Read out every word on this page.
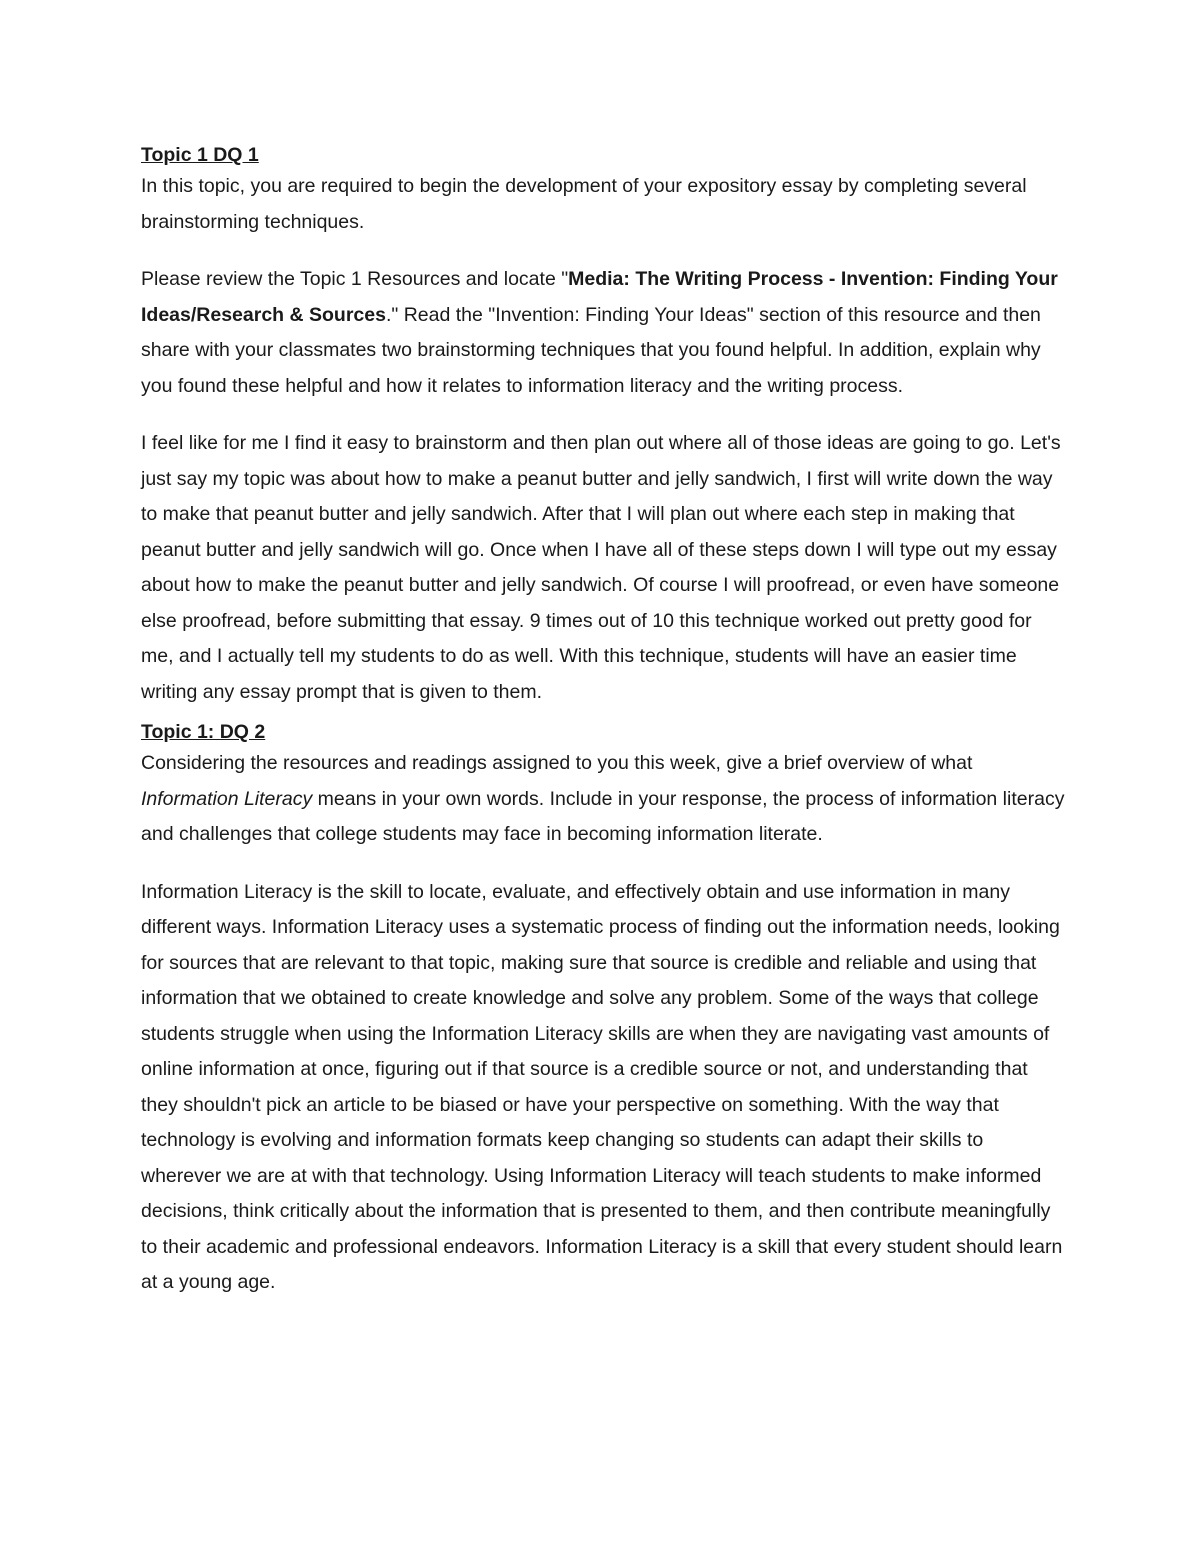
Topic 1 DQ 1

In this topic, you are required to begin the development of your expository essay by completing several brainstorming techniques.

Please review the Topic 1 Resources and locate "Media: The Writing Process - Invention: Finding Your Ideas/Research & Sources." Read the "Invention: Finding Your Ideas" section of this resource and then share with your classmates two brainstorming techniques that you found helpful. In addition, explain why you found these helpful and how it relates to information literacy and the writing process.

I feel like for me I find it easy to brainstorm and then plan out where all of those ideas are going to go. Let's just say my topic was about how to make a peanut butter and jelly sandwich, I first will write down the way to make that peanut butter and jelly sandwich. After that I will plan out where each step in making that peanut butter and jelly sandwich will go. Once when I have all of these steps down I will type out my essay about how to make the peanut butter and jelly sandwich. Of course I will proofread, or even have someone else proofread, before submitting that essay. 9 times out of 10 this technique worked out pretty good for me, and I actually tell my students to do as well. With this technique, students will have an easier time writing any essay prompt that is given to them.

Topic 1: DQ 2

Considering the resources and readings assigned to you this week, give a brief overview of what Information Literacy means in your own words. Include in your response, the process of information literacy and challenges that college students may face in becoming information literate.

Information Literacy is the skill to locate, evaluate, and effectively obtain and use information in many different ways. Information Literacy uses a systematic process of finding out the information needs, looking for sources that are relevant to that topic, making sure that source is credible and reliable and using that information that we obtained to create knowledge and solve any problem. Some of the ways that college students struggle when using the Information Literacy skills are when they are navigating vast amounts of online information at once, figuring out if that source is a credible source or not, and understanding that they shouldn't pick an article to be biased or have your perspective on something. With the way that technology is evolving and information formats keep changing so students can adapt their skills to wherever we are at with that technology. Using Information Literacy will teach students to make informed decisions, think critically about the information that is presented to them, and then contribute meaningfully to their academic and professional endeavors. Information Literacy is a skill that every student should learn at a young age.
